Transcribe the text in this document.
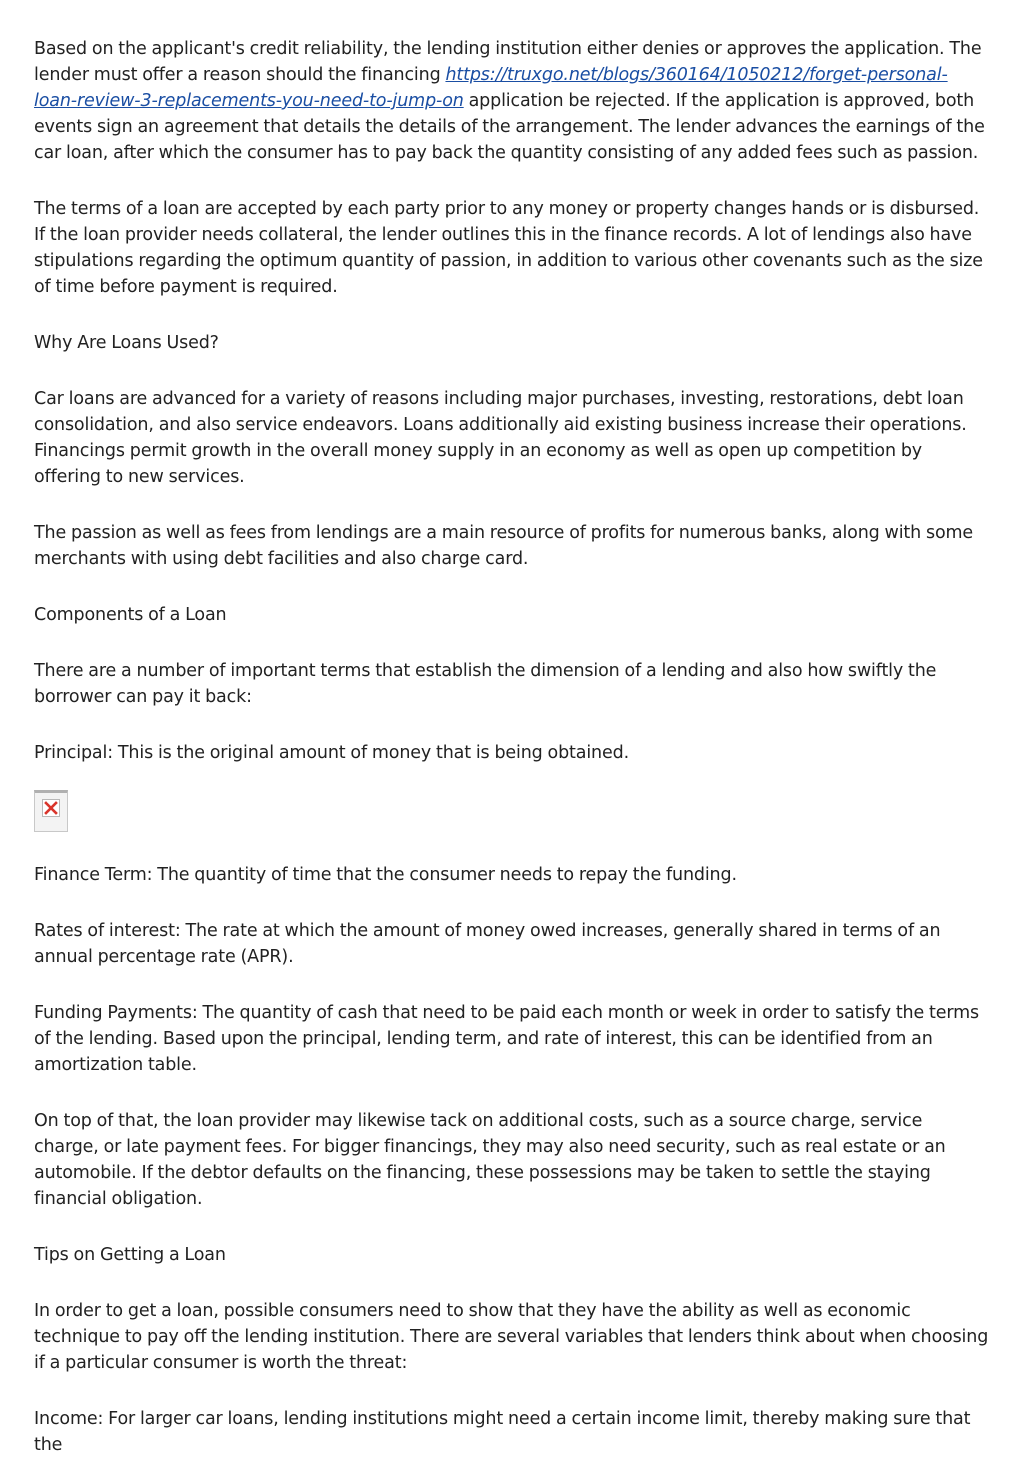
Based on the applicant's credit reliability, the lending institution either denies or approves the application. The lender must offer a reason should the financing https://truxgo.net/blogs/360164/1050212/forget-personal-loan-review-3-replacements-you-need-to-jump-on application be rejected. If the application is approved, both events sign an agreement that details the details of the arrangement. The lender advances the earnings of the car loan, after which the consumer has to pay back the quantity consisting of any added fees such as passion.

The terms of a loan are accepted by each party prior to any money or property changes hands or is disbursed. If the loan provider needs collateral, the lender outlines this in the finance records. A lot of lendings also have stipulations regarding the optimum quantity of passion, in addition to various other covenants such as the size of time before payment is required.

Why Are Loans Used?

Car loans are advanced for a variety of reasons including major purchases, investing, restorations, debt loan consolidation, and also service endeavors. Loans additionally aid existing business increase their operations. Financings permit growth in the overall money supply in an economy as well as open up competition by offering to new services.

The passion as well as fees from lendings are a main resource of profits for numerous banks, along with some merchants with using debt facilities and also charge card.

Components of a Loan

There are a number of important terms that establish the dimension of a lending and also how swiftly the borrower can pay it back:

Principal: This is the original amount of money that is being obtained.

Finance Term: The quantity of time that the consumer needs to repay the funding.

Rates of interest: The rate at which the amount of money owed increases, generally shared in terms of an annual percentage rate (APR).

Funding Payments: The quantity of cash that need to be paid each month or week in order to satisfy the terms of the lending. Based upon the principal, lending term, and rate of interest, this can be identified from an amortization table.

On top of that, the loan provider may likewise tack on additional costs, such as a source charge, service charge, or late payment fees. For bigger financings, they may also need security, such as real estate or an automobile. If the debtor defaults on the financing, these possessions may be taken to settle the staying financial obligation.

Tips on Getting a Loan

In order to get a loan, possible consumers need to show that they have the ability as well as economic technique to pay off the lending institution. There are several variables that lenders think about when choosing if a particular consumer is worth the threat:

Income: For larger car loans, lending institutions might need a certain income limit, thereby making sure that the
